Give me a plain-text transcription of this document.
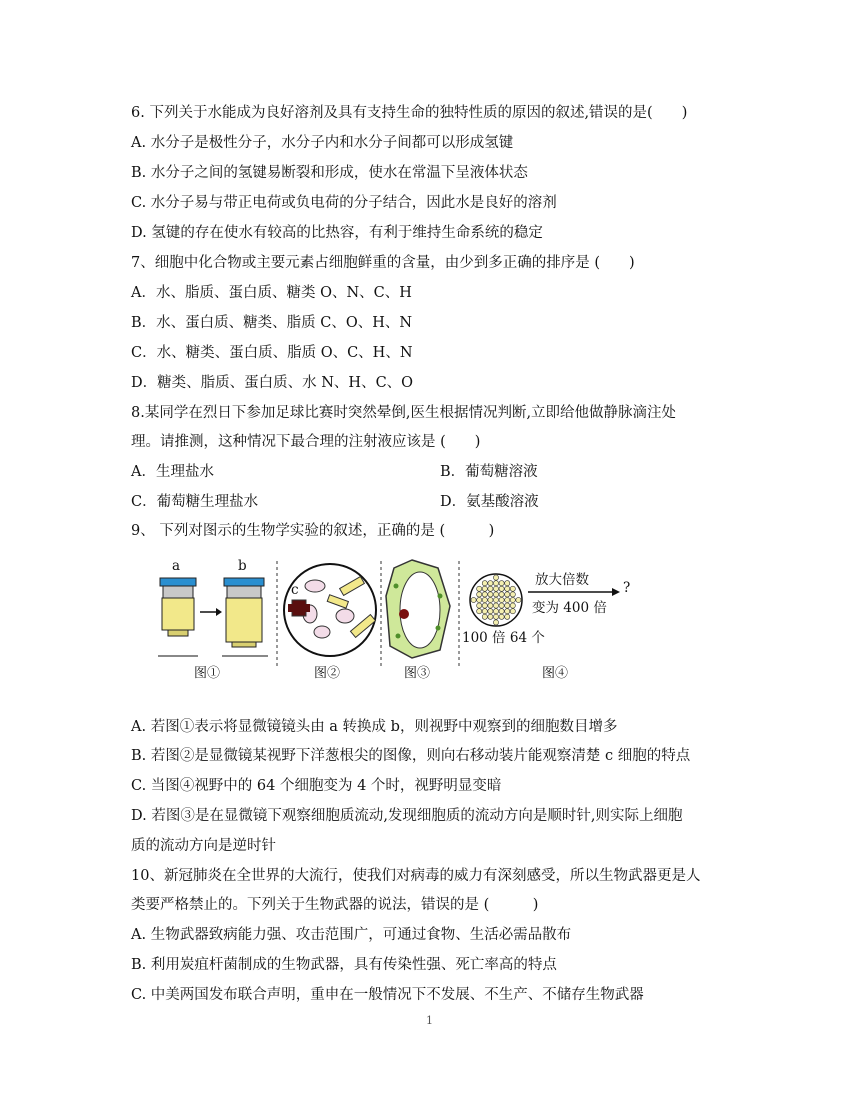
6. 下列关于水能成为良好溶剂及具有支持生命的独特性质的原因的叙述,错误的是(　　)
A. 水分子是极性分子，水分子内和水分子间都可以形成氢键
B. 水分子之间的氢键易断裂和形成，使水在常温下呈液体状态
C. 水分子易与带正电荷或负电荷的分子结合，因此水是良好的溶剂
D. 氢键的存在使水有较高的比热容，有利于维持生命系统的稳定
7、细胞中化合物或主要元素占细胞鲜重的含量，由少到多正确的排序是 (　　)
A．水、脂质、蛋白质、糖类 O、N、C、H
B．水、蛋白质、糖类、脂质 C、O、H、N
C．水、糖类、蛋白质、脂质 O、C、H、N
D．糖类、脂质、蛋白质、水 N、H、C、O
8.某同学在烈日下参加足球比赛时突然晕倒,医生根据情况判断,立即给他做静脉滴注处
理。请推测，这种情况下最合理的注射液应该是 (　　)
A．生理盐水	B．葡萄糖溶液
C．葡萄糖生理盐水	D．氨基酸溶液
9、 下列对图示的生物学实验的叙述，正确的是 (　　　)
a	b
c
放大倍数	?
变为 400 倍
100 倍 64 个
图①	图②	图③	图④
A. 若图①表示将显微镜镜头由 a 转换成 b，则视野中观察到的细胞数目增多
B. 若图②是显微镜某视野下洋葱根尖的图像，则向右移动装片能观察清楚 c 细胞的特点
C. 当图④视野中的 64 个细胞变为 4 个时，视野明显变暗
D. 若图③是在显微镜下观察细胞质流动,发现细胞质的流动方向是顺时针,则实际上细胞
质的流动方向是逆时针
10、新冠肺炎在全世界的大流行，使我们对病毒的威力有深刻感受，所以生物武器更是人
类要严格禁止的。下列关于生物武器的说法，错误的是 (　　　)
A. 生物武器致病能力强、攻击范围广，可通过食物、生活必需品散布
B. 利用炭疽杆菌制成的生物武器，具有传染性强、死亡率高的特点
C. 中美两国发布联合声明，重申在一般情况下不发展、不生产、不储存生物武器
1
